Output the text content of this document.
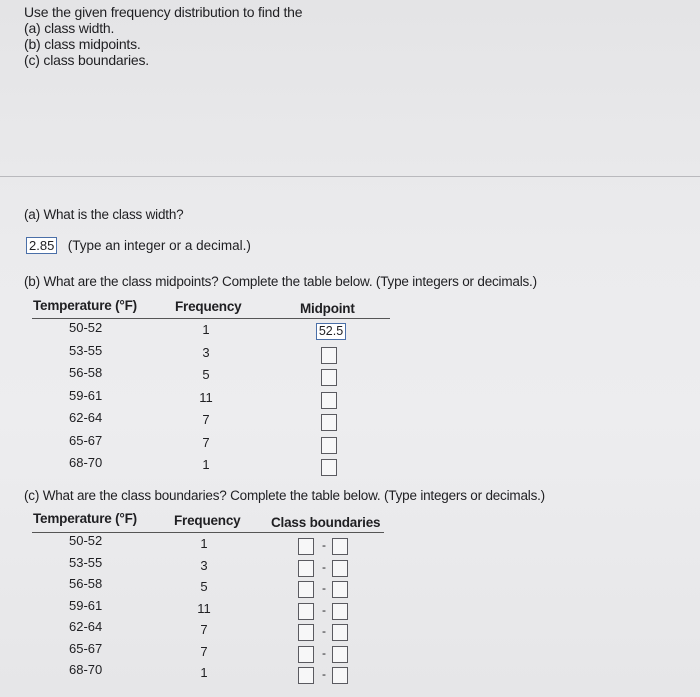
Use the given frequency distribution to find the
(a) class width.
(b) class midpoints.
(c) class boundaries.
(a) What is the class width?
2.85 (Type an integer or a decimal.)
(b) What are the class midpoints? Complete the table below. (Type integers or decimals.)
Temperature (°F)	Frequency	Midpoint
50-52	1	52.5
53-55	3
56-58	5
59-61	11
62-64	7
65-67	7
68-70	1
(c) What are the class boundaries? Complete the table below. (Type integers or decimals.)
Temperature (°F)	Frequency Class boundaries
50-52	1	-
53-55	3	-
56-58	5	-
59-61	11	-
62-64	7	-
65-67	7	-
68-70	1	-
